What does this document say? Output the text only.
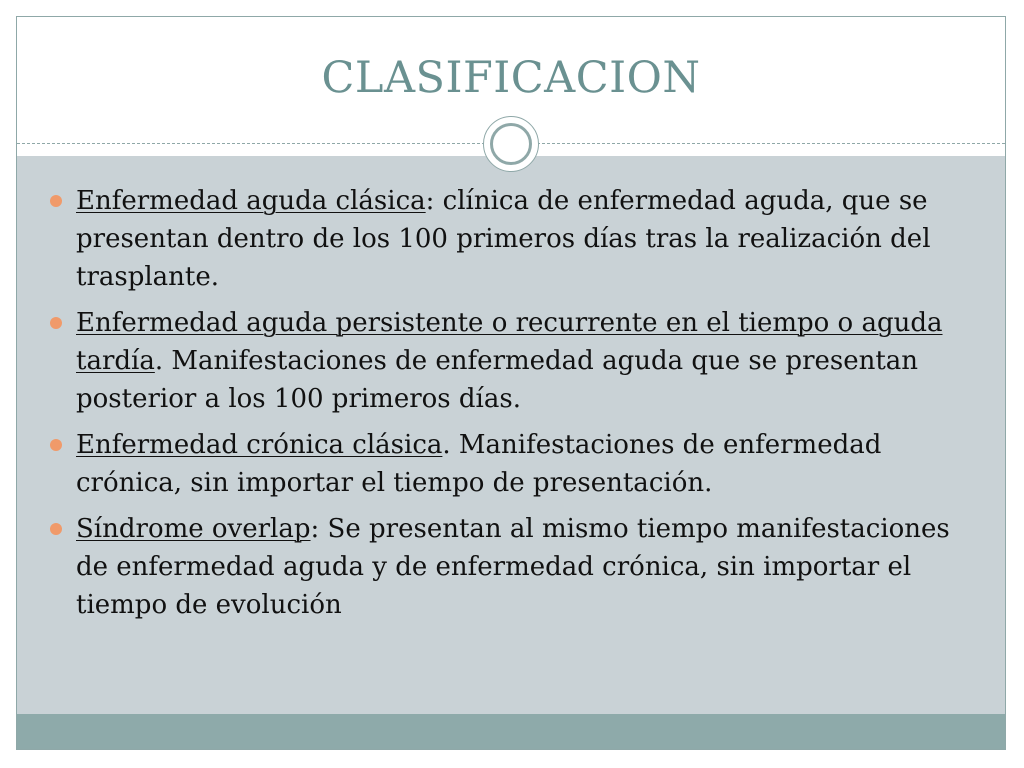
CLASIFICACION
Enfermedad aguda clásica: clínica de enfermedad aguda, que se presentan dentro de los 100 primeros días tras la realización del trasplante.
Enfermedad aguda persistente o recurrente en el tiempo o aguda tardía. Manifestaciones de enfermedad aguda que se presentan posterior a los 100 primeros días.
Enfermedad crónica clásica. Manifestaciones de enfermedad crónica, sin importar el tiempo de presentación.
Síndrome overlap: Se presentan al mismo tiempo manifestaciones de enfermedad aguda y de enfermedad crónica, sin importar el tiempo de evolución
